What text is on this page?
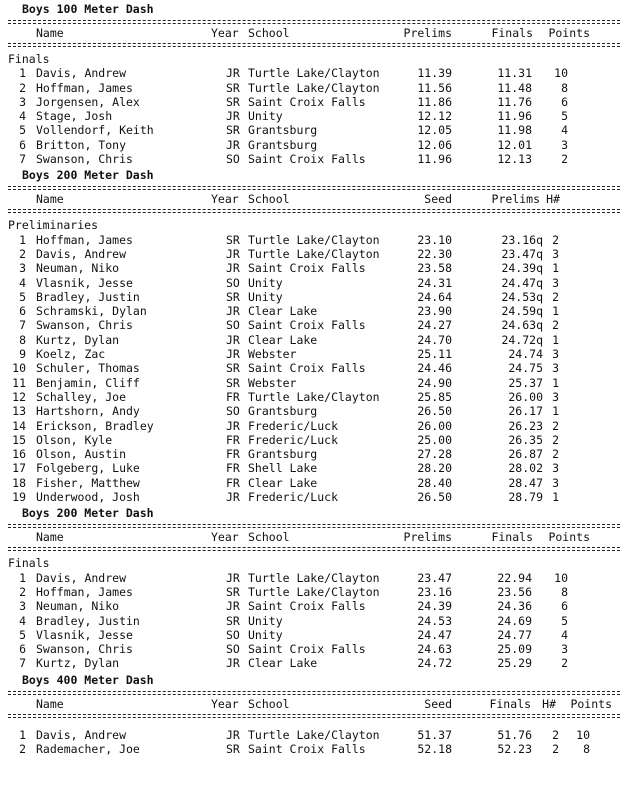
Boys 100 Meter Dash
Name	Year School	Prelims	Finals Points
Finals
1 Davis, Andrew	JR Turtle Lake/Clayton	11.39	11.31 10
2 Hoffman, James	SR Turtle Lake/Clayton	11.56	11.48	8
3 Jorgensen, Alex	SR Saint Croix Falls	11.86	11.76	6
4 Stage, Josh	JR Unity	12.12	11.96	5
5 Vollendorf, Keith	SR Grantsburg	12.05	11.98	4
6 Britton, Tony	JR Grantsburg	12.06	12.01	3
7 Swanson, Chris	SO Saint Croix Falls	11.96	12.13	2
Boys 200 Meter Dash
Name	Year School	Seed	Prelims H#
Preliminaries
1 Hoffman, James	SR Turtle Lake/Clayton	23.10	23.16q 2
2 Davis, Andrew	JR Turtle Lake/Clayton	22.30	23.47q 3
3 Neuman, Niko	JR Saint Croix Falls	23.58	24.39q 1
4 Vlasnik, Jesse	SO Unity	24.31	24.47q 3
5 Bradley, Justin	SR Unity	24.64	24.53q 2
6 Schramski, Dylan	JR Clear Lake	23.90	24.59q 1
7 Swanson, Chris	SO Saint Croix Falls	24.27	24.63q 2
8 Kurtz, Dylan	JR Clear Lake	24.70	24.72q 1
9 Koelz, Zac	JR Webster	25.11	24.74 3
10 Schuler, Thomas	SR Saint Croix Falls	24.46	24.75 3
11 Benjamin, Cliff	SR Webster	24.90	25.37 1
12 Schalley, Joe	FR Turtle Lake/Clayton	25.85	26.00 3
13 Hartshorn, Andy	SO Grantsburg	26.50	26.17 1
14 Erickson, Bradley	JR Frederic/Luck	26.00	26.23 2
15 Olson, Kyle	FR Frederic/Luck	25.00	26.35 2
16 Olson, Austin	FR Grantsburg	27.28	26.87 2
17 Folgeberg, Luke	FR Shell Lake	28.20	28.02 3
18 Fisher, Matthew	FR Clear Lake	28.40	28.47 3
19 Underwood, Josh	JR Frederic/Luck	26.50	28.79 1
Boys 200 Meter Dash
Name	Year School	Prelims	Finals Points
Finals
1 Davis, Andrew	JR Turtle Lake/Clayton	23.47	22.94 10
2 Hoffman, James	SR Turtle Lake/Clayton	23.16	23.56	8
3 Neuman, Niko	JR Saint Croix Falls	24.39	24.36	6
4 Bradley, Justin	SR Unity	24.53	24.69	5
5 Vlasnik, Jesse	SO Unity	24.47	24.77	4
6 Swanson, Chris	SO Saint Croix Falls	24.63	25.09	3
7 Kurtz, Dylan	JR Clear Lake	24.72	25.29	2
Boys 400 Meter Dash
Name	Year School	Seed	Finals H# Points
1 Davis, Andrew	JR Turtle Lake/Clayton	51.37	51.76 2 10
2 Rademacher, Joe	SR Saint Croix Falls	52.18	52.23 2 8
